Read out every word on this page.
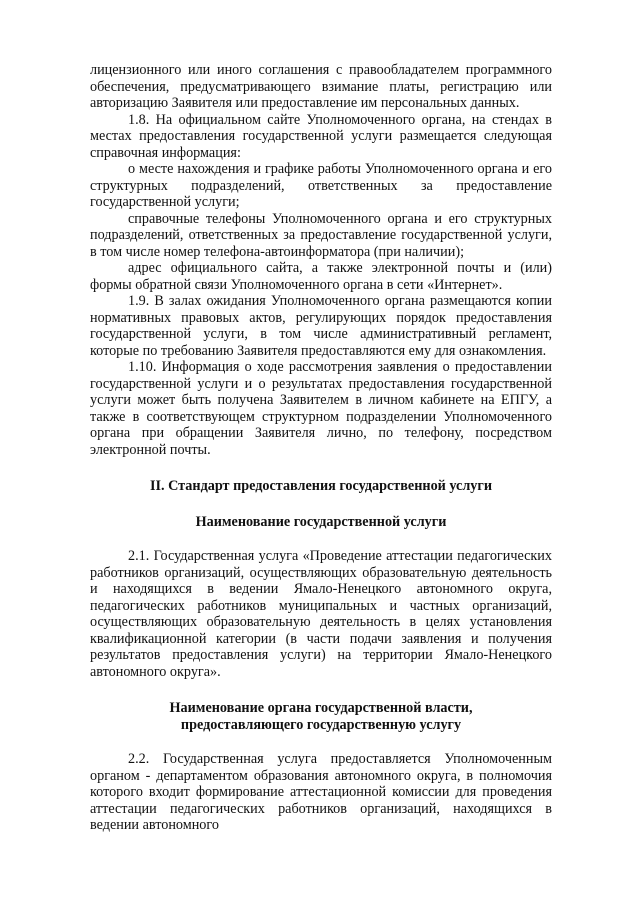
лицензионного или иного соглашения с правообладателем программного обеспечения, предусматривающего взимание платы, регистрацию или авторизацию Заявителя или предоставление им персональных данных.

1.8. На официальном сайте Уполномоченного органа, на стендах в местах предоставления государственной услуги размещается следующая справочная информация:

о месте нахождения и графике работы Уполномоченного органа и его структурных подразделений, ответственных за предоставление государственной услуги;

справочные телефоны Уполномоченного органа и его структурных подразделений, ответственных за предоставление государственной услуги, в том числе номер телефона-автоинформатора (при наличии);

адрес официального сайта, а также электронной почты и (или) формы обратной связи Уполномоченного органа в сети «Интернет».

1.9. В залах ожидания Уполномоченного органа размещаются копии нормативных правовых актов, регулирующих порядок предоставления государственной услуги, в том числе административный регламент, которые по требованию Заявителя предоставляются ему для ознакомления.

1.10. Информация о ходе рассмотрения заявления о предоставлении государственной услуги и о результатах предоставления государственной услуги может быть получена Заявителем в личном кабинете на ЕПГУ, а также в соответствующем структурном подразделении Уполномоченного органа при обращении Заявителя лично, по телефону, посредством электронной почты.

II. Стандарт предоставления государственной услуги
Наименование государственной услуги

2.1. Государственная услуга «Проведение аттестации педагогических работников организаций, осуществляющих образовательную деятельность и находящихся в ведении Ямало-Ненецкого автономного округа, педагогических работников муниципальных и частных организаций, осуществляющих образовательную деятельность в целях установления квалификационной категории (в части подачи заявления и получения результатов предоставления услуги) на территории Ямало-Ненецкого автономного округа».

Наименование органа государственной власти,
предоставляющего государственную услугу

2.2. Государственная услуга предоставляется Уполномоченным органом - департаментом образования автономного округа, в полномочия которого входит формирование аттестационной комиссии для проведения аттестации педагогических работников организаций, находящихся в ведении автономного
